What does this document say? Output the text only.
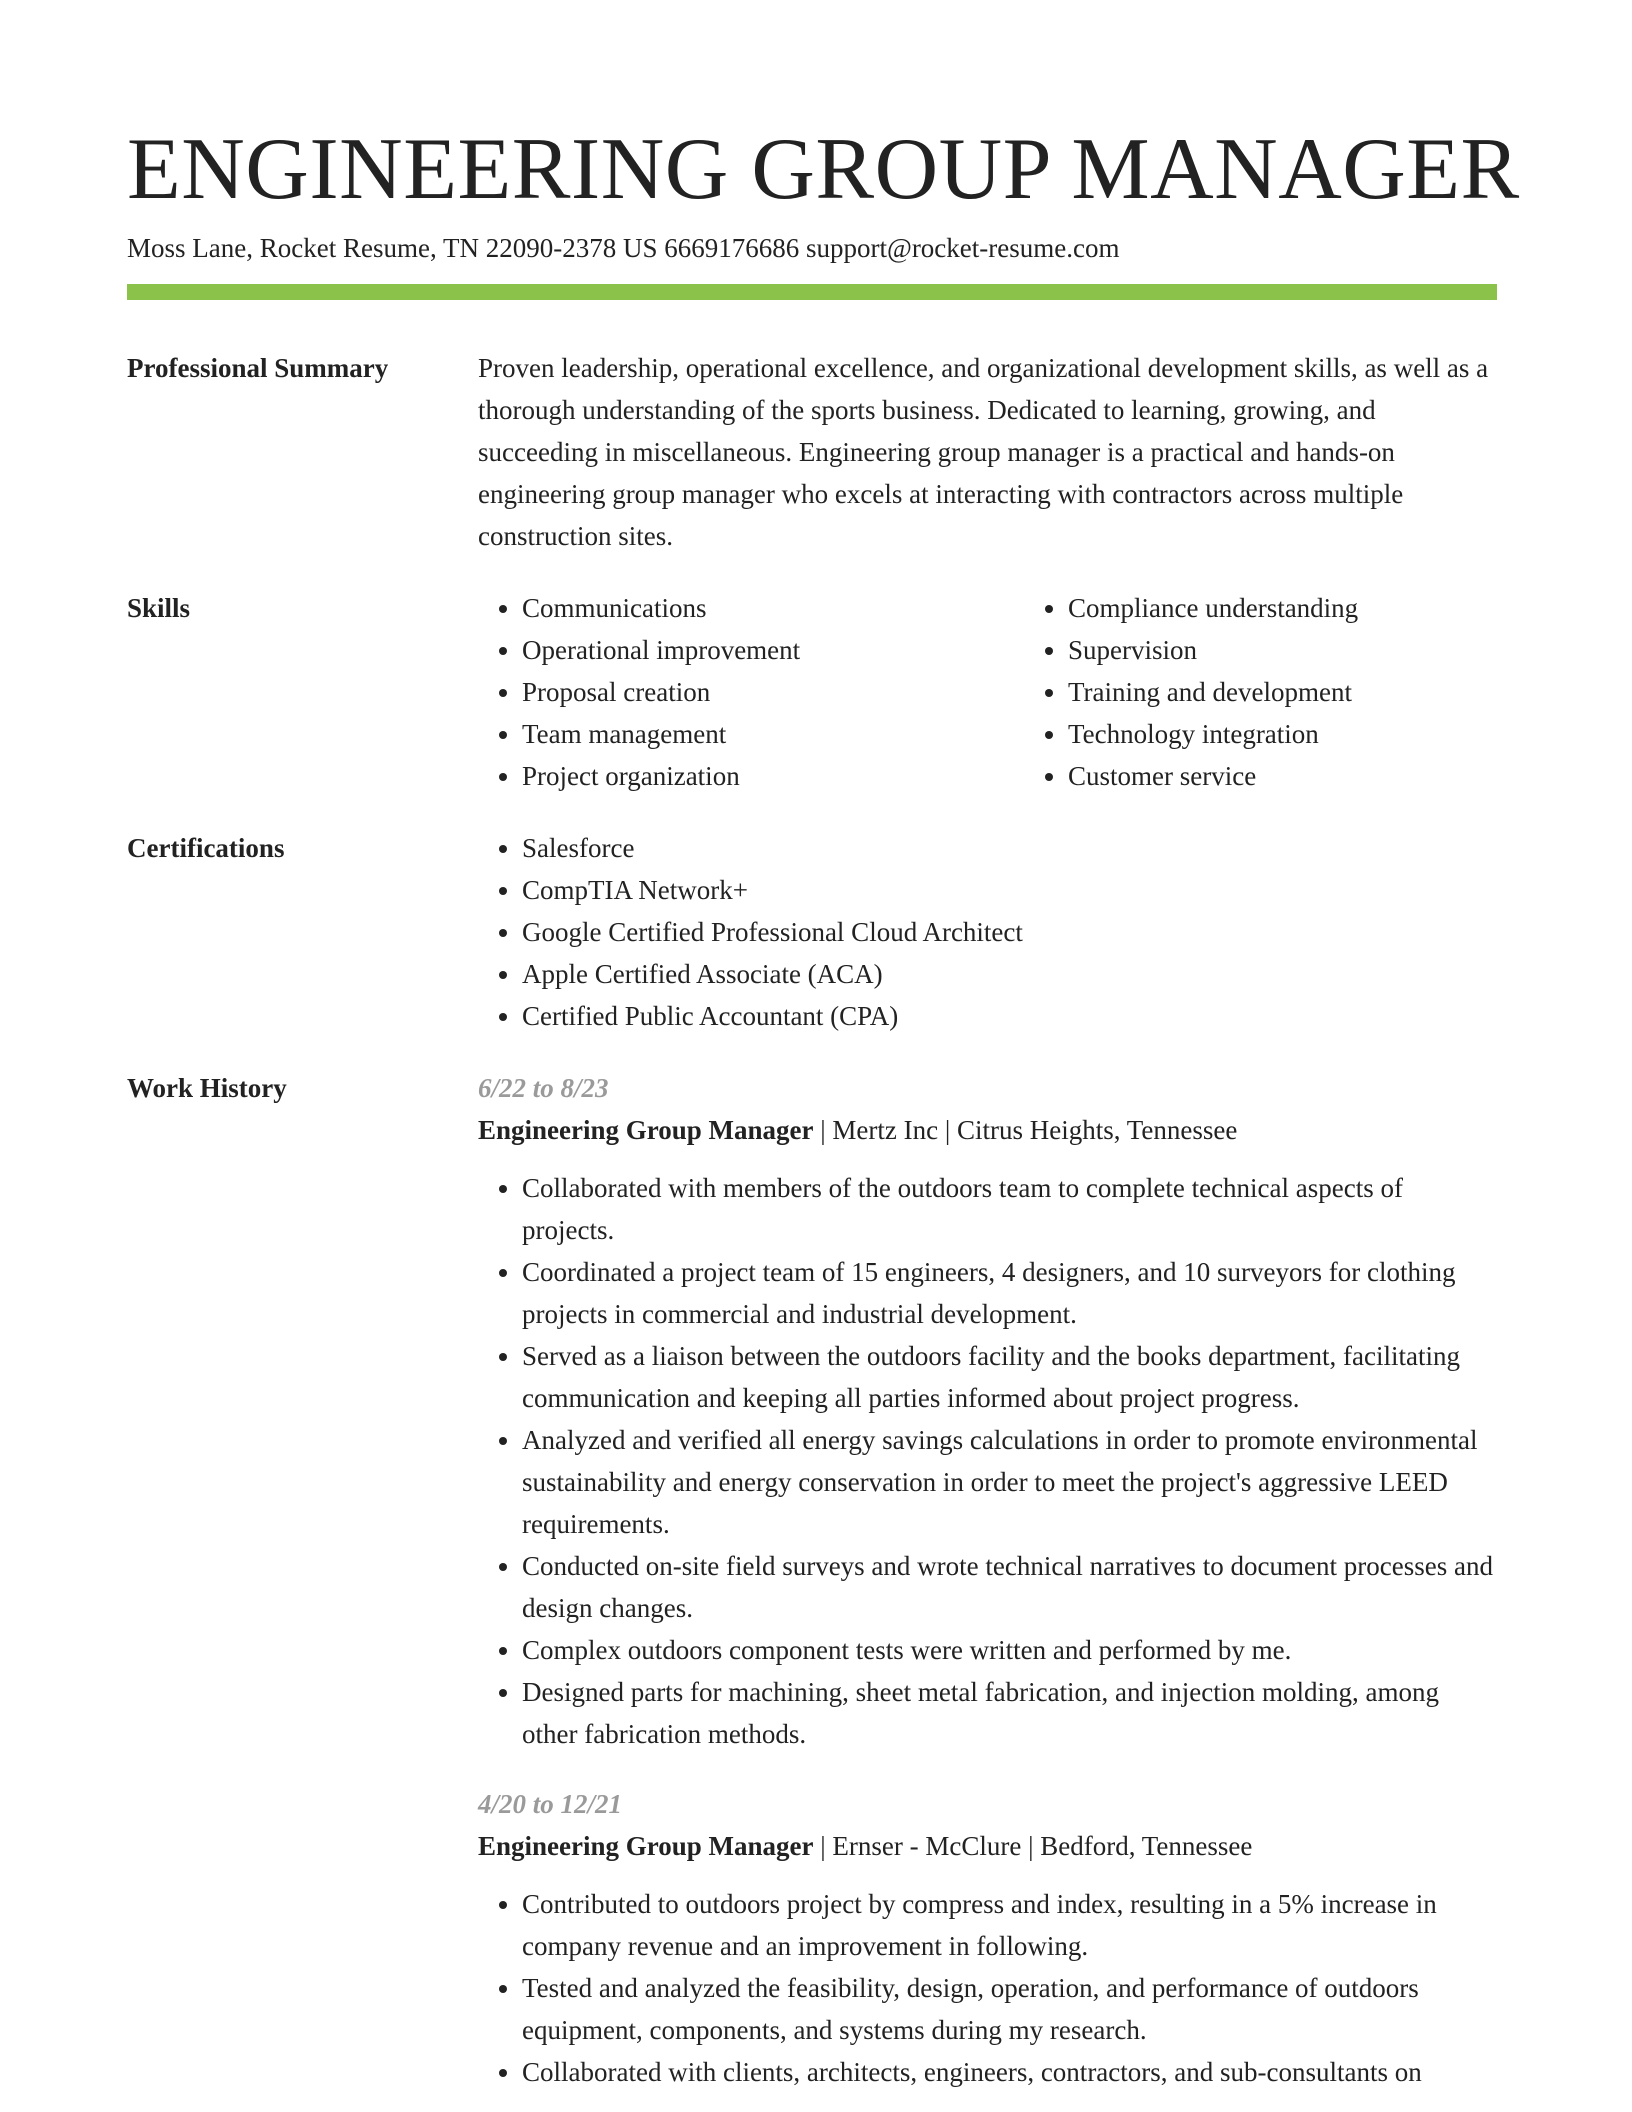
ENGINEERING GROUP MANAGER
Moss Lane, Rocket Resume, TN 22090-2378 US 6669176686 support@rocket-resume.com
Professional Summary	Proven leadership, operational excellence, and organizational development skills, as well as a thorough understanding of the sports business. Dedicated to learning, growing, and succeeding in miscellaneous. Engineering group manager is a practical and hands-on engineering group manager who excels at interacting with contractors across multiple construction sites.

Skills	• Communications
• Operational improvement
• Proposal creation
• Team management
• Project organization
• Compliance understanding
• Supervision
• Training and development
• Technology integration
• Customer service
Certifications	• Salesforce
• CompTIA Network+
• Google Certified Professional Cloud Architect
• Apple Certified Associate (ACA)
• Certified Public Accountant (CPA)
Work History	6/22 to 8/23
Engineering Group Manager | Mertz Inc | Citrus Heights, Tennessee
• Collaborated with members of the outdoors team to complete technical aspects of projects.
• Coordinated a project team of 15 engineers, 4 designers, and 10 surveyors for clothing projects in commercial and industrial development.
• Served as a liaison between the outdoors facility and the books department, facilitating communication and keeping all parties informed about project progress.
• Analyzed and verified all energy savings calculations in order to promote environmental sustainability and energy conservation in order to meet the project's aggressive LEED requirements.
• Conducted on-site field surveys and wrote technical narratives to document processes and design changes.
• Complex outdoors component tests were written and performed by me.
• Designed parts for machining, sheet metal fabrication, and injection molding, among other fabrication methods.
4/20 to 12/21
Engineering Group Manager | Ernser - McClure | Bedford, Tennessee
• Contributed to outdoors project by compress and index, resulting in a 5% increase in company revenue and an improvement in following.
• Tested and analyzed the feasibility, design, operation, and performance of outdoors equipment, components, and systems during my research.
• Collaborated with clients, architects, engineers, contractors, and sub-consultants on
